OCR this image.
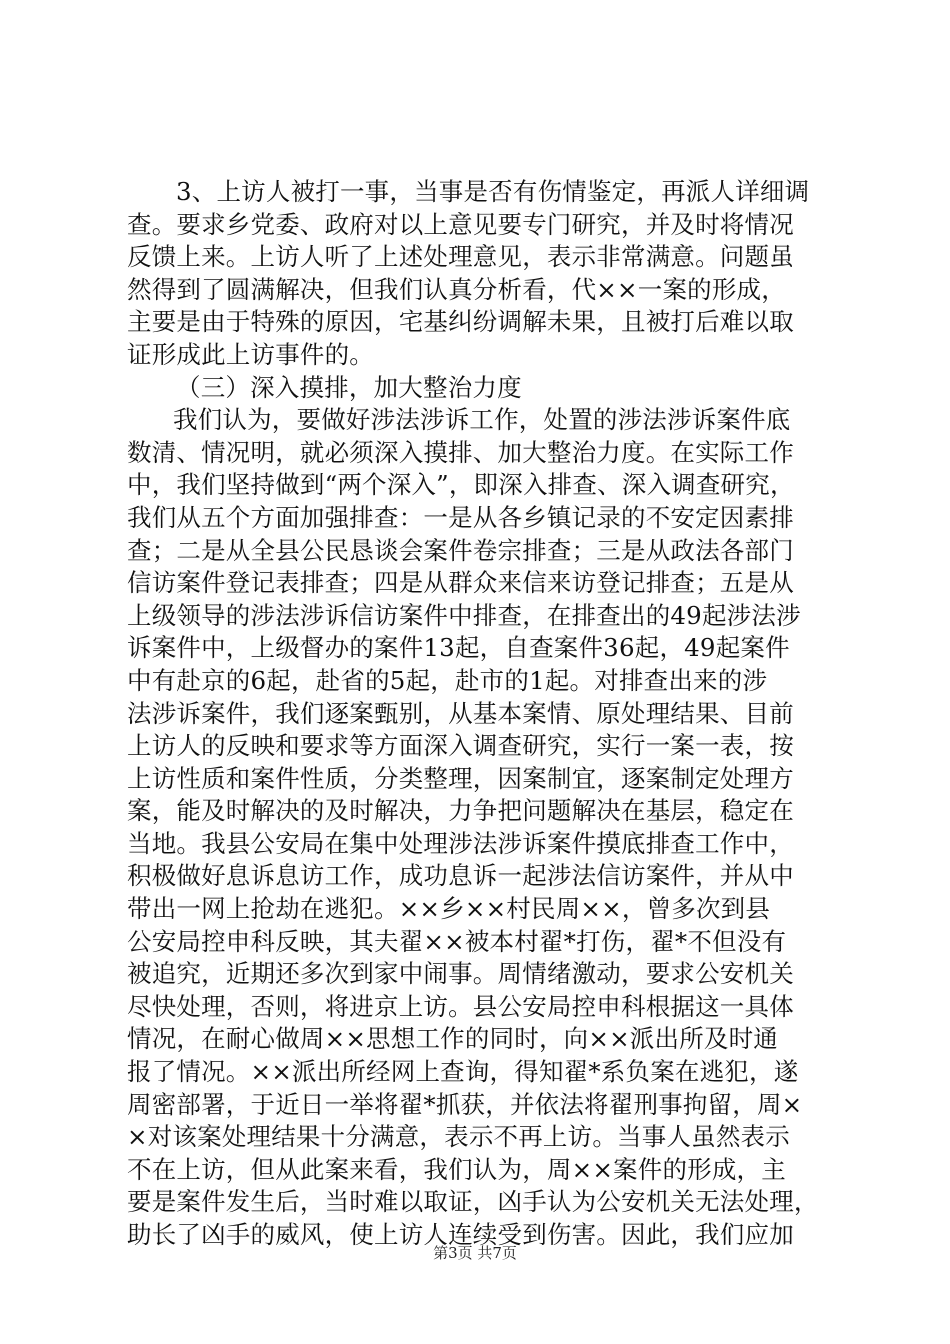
3、上访人被打一事，当事是否有伤情鉴定，再派人详细调
查。要求乡党委、政府对以上意见要专门研究，并及时将情况
反馈上来。上访人听了上述处理意见，表示非常满意。问题虽
然得到了圆满解决，但我们认真分析看，代××一案的形成，
主要是由于特殊的原因，宅基纠纷调解未果，且被打后难以取
证形成此上访事件的。
（三）深入摸排，加大整治力度
我们认为，要做好涉法涉诉工作，处置的涉法涉诉案件底
数清、情况明，就必须深入摸排、加大整治力度。在实际工作
中，我们坚持做到“两个深入”，即深入排查、深入调查研究，
我们从五个方面加强排查：一是从各乡镇记录的不安定因素排
查；二是从全县公民恳谈会案件卷宗排查；三是从政法各部门
信访案件登记表排查；四是从群众来信来访登记排查；五是从
上级领导的涉法涉诉信访案件中排查，在排查出的49起涉法涉
诉案件中，上级督办的案件13起，自查案件36起，49起案件
中有赴京的6起，赴省的5起，赴市的1起。对排查出来的涉
法涉诉案件，我们逐案甄别，从基本案情、原处理结果、目前
上访人的反映和要求等方面深入调查研究，实行一案一表，按
上访性质和案件性质，分类整理，因案制宜，逐案制定处理方
案，能及时解决的及时解决，力争把问题解决在基层，稳定在
当地。我县公安局在集中处理涉法涉诉案件摸底排查工作中，
积极做好息诉息访工作，成功息诉一起涉法信访案件，并从中
带出一网上抢劫在逃犯。××乡××村民周××，曾多次到县
公安局控申科反映，其夫翟××被本村翟*打伤，翟*不但没有
被追究，近期还多次到家中闹事。周情绪激动，要求公安机关
尽快处理，否则，将进京上访。县公安局控申科根据这一具体
情况，在耐心做周××思想工作的同时，向××派出所及时通
报了情况。××派出所经网上查询，得知翟*系负案在逃犯，遂
周密部署，于近日一举将翟*抓获，并依法将翟刑事拘留，周×
×对该案处理结果十分满意，表示不再上访。当事人虽然表示
不在上访，但从此案来看，我们认为，周××案件的形成，主
要是案件发生后，当时难以取证，凶手认为公安机关无法处理，
助长了凶手的威风，使上访人连续受到伤害。因此，我们应加
第3页 共7页
